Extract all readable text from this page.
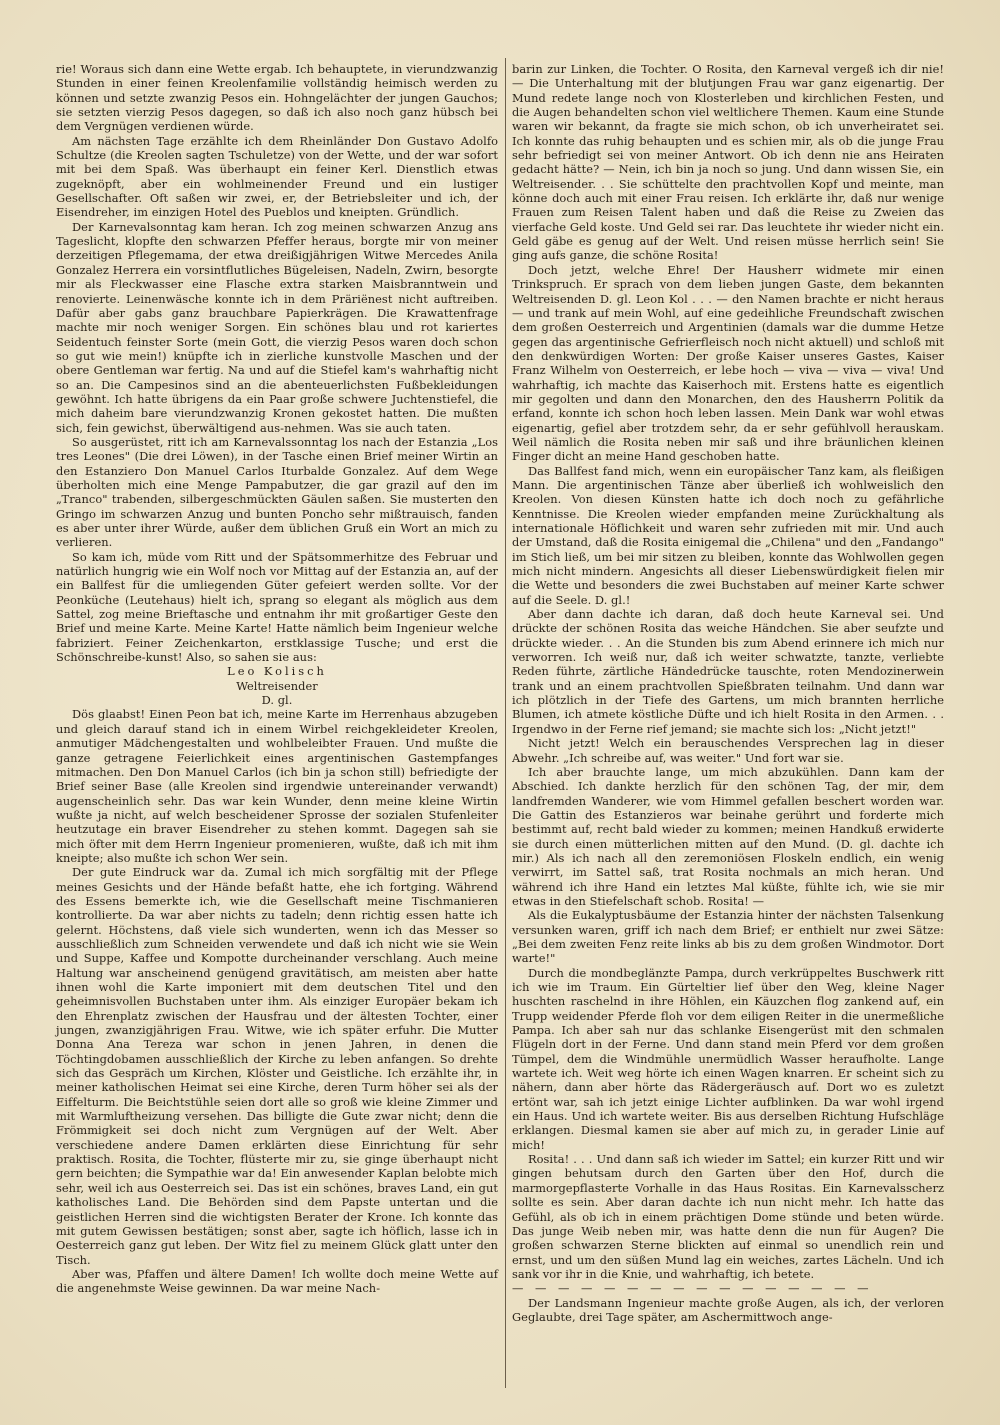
rie! Woraus sich dann eine Wette ergab. Ich behauptete, in vierundzwanzig Stunden in einer feinen Kreolenfamilie vollständig heimisch werden zu können und setzte zwanzig Pesos ein. Hohngelächter der jungen Gauchos; sie setzten vierzig Pesos dagegen, so daß ich also noch ganz hübsch bei dem Vergnügen verdienen würde.

Am nächsten Tage erzählte ich dem Rheinländer Don Gustavo Adolfo Schultze (die Kreolen sagten Tschuletze) von der Wette, und der war sofort mit bei dem Spaß. Was überhaupt ein feiner Kerl. Dienstlich etwas zugeknöpft, aber ein wohlmeinender Freund und ein lustiger Gesellschafter. Oft saßen wir zwei, er, der Betriebsleiter und ich, der Eisendreher, im einzigen Hotel des Pueblos und kneipten. Gründlich.

Der Karnevalsonntag kam heran. Ich zog meinen schwarzen Anzug ans Tageslicht, klopfte den schwarzen Pfeffer heraus, borgte mir von meiner derzeitigen Pflegemama, der etwa dreißigjährigen Witwe Mercedes Anila Gonzalez Herrera ein vorsintflutliches Bügeleisen, Nadeln, Zwirn, besorgte mir als Fleckwasser eine Flasche extra starken Maisbranntwein und renovierte. Leinenwäsche konnte ich in dem Präriënest nicht auftreiben. Dafür aber gabs ganz brauchbare Papierkrägen. Die Krawattenfrage machte mir noch weniger Sorgen. Ein schönes blau und rot kariertes Seidentuch feinster Sorte (mein Gott, die vierzig Pesos waren doch schon so gut wie mein!) knüpfte ich in zierliche kunstvolle Maschen und der obere Gentleman war fertig. Na und auf die Stiefel kam's wahrhaftig nicht so an. Die Campesinos sind an die abenteuerlichsten Fußbekleidungen gewöhnt. Ich hatte übrigens da ein Paar große schwere Juchtenstiefel, die mich daheim bare vierundzwanzig Kronen gekostet hatten. Die mußten sich, fein gewichst, überwältigend aus-nehmen. Was sie auch taten.

So ausgerüstet, ritt ich am Karnevalssonntag los nach der Estanzia „Los tres Leones" (Die drei Löwen), in der Tasche einen Brief meiner Wirtin an den Estanziero Don Manuel Carlos Iturbalde Gonzalez. Auf dem Wege überholten mich eine Menge Pampabutzer, die gar grazil auf den im „Tranco" trabenden, silbergeschmückten Gäulen saßen. Sie musterten den Gringo im schwarzen Anzug und bunten Poncho sehr mißtrauisch, fanden es aber unter ihrer Würde, außer dem üblichen Gruß ein Wort an mich zu verlieren.

So kam ich, müde vom Ritt und der Spätsommerhitze des Februar und natürlich hungrig wie ein Wolf noch vor Mittag auf der Estanzia an, auf der ein Ballfest für die umliegenden Güter gefeiert werden sollte. Vor der Peonküche (Leutehaus) hielt ich, sprang so elegant als möglich aus dem Sattel, zog meine Brieftasche und entnahm ihr mit großartiger Geste den Brief und meine Karte. Meine Karte! Hatte nämlich beim Ingenieur welche fabriziert. Feiner Zeichenkarton, erstklassige Tusche; und erst die Schönschreibe-kunst! Also, so sahen sie aus:

Leo Kolisch

Weltreisender

D. gl.

Dös glaabst! Einen Peon bat ich, meine Karte im Herrenhaus abzugeben und gleich darauf stand ich in einem Wirbel reichgekleideter Kreolen, anmutiger Mädchengestalten und wohlbeleibter Frauen. Und mußte die ganze getragene Feierlichkeit eines argentinischen Gastempfanges mitmachen. Den Don Manuel Carlos (ich bin ja schon still) befriedigte der Brief seiner Base (alle Kreolen sind irgendwie untereinander verwandt) augenscheinlich sehr. Das war kein Wunder, denn meine kleine Wirtin wußte ja nicht, auf welch bescheidener Sprosse der sozialen Stufenleiter heutzutage ein braver Eisendreher zu stehen kommt. Dagegen sah sie mich öfter mit dem Herrn Ingenieur promenieren, wußte, daß ich mit ihm kneipte; also mußte ich schon Wer sein.

Der gute Eindruck war da. Zumal ich mich sorgfältig mit der Pflege meines Gesichts und der Hände befaßt hatte, ehe ich fortging. Während des Essens bemerkte ich, wie die Gesellschaft meine Tischmanieren kontrollierte. Da war aber nichts zu tadeln; denn richtig essen hatte ich gelernt. Höchstens, daß viele sich wunderten, wenn ich das Messer so ausschließlich zum Schneiden verwendete und daß ich nicht wie sie Wein und Suppe, Kaffee und Kompotte durcheinander verschlang. Auch meine Haltung war anscheinend genügend gravitätisch, am meisten aber hatte ihnen wohl die Karte imponiert mit dem deutschen Titel und den geheimnisvollen Buchstaben unter ihm. Als einziger Europäer bekam ich den Ehrenplatz zwischen der Hausfrau und der ältesten Tochter, einer jungen, zwanzigjährigen Frau. Witwe, wie ich später erfuhr. Die Mutter Donna Ana Tereza war schon in jenen Jahren, in denen die Töchtingdobamen ausschließlich der Kirche zu leben anfangen. So drehte sich das Gespräch um Kirchen, Klöster und Geistliche. Ich erzählte ihr, in meiner katholischen Heimat sei eine Kirche, deren Turm höher sei als der Eiffelturm. Die Beichtstühle seien dort alle so groß wie kleine Zimmer und mit Warmluftheizung versehen. Das billigte die Gute zwar nicht; denn die Frömmigkeit sei doch nicht zum Vergnügen auf der Welt. Aber verschiedene andere Damen erklärten diese Einrichtung für sehr praktisch. Rosita, die Tochter, flüsterte mir zu, sie ginge überhaupt nicht gern beichten; die Sympathie war da! Ein anwesender Kaplan belobte mich sehr, weil ich aus Oesterreich sei. Das ist ein schönes, braves Land, ein gut katholisches Land. Die Behörden sind dem Papste untertan und die geistlichen Herren sind die wichtigsten Berater der Krone. Ich konnte das mit gutem Gewissen bestätigen; sonst aber, sagte ich höflich, lasse ich in Oesterreich ganz gut leben. Der Witz fiel zu meinem Glück glatt unter den Tisch.

Aber was, Pfaffen und ältere Damen! Ich wollte doch meine Wette auf die angenehmste Weise gewinnen. Da war meine Nach-

barin zur Linken, die Tochter. O Rosita, den Karneval vergeß ich dir nie! — Die Unterhaltung mit der blutjungen Frau war ganz eigenartig. Der Mund redete lange noch von Klosterleben und kirchlichen Festen, und die Augen behandelten schon viel weltlichere Themen. Kaum eine Stunde waren wir bekannt, da fragte sie mich schon, ob ich unverheiratet sei. Ich konnte das ruhig behaupten und es schien mir, als ob die junge Frau sehr befriedigt sei von meiner Antwort. Ob ich denn nie ans Heiraten gedacht hätte? — Nein, ich bin ja noch so jung. Und dann wissen Sie, ein Weltreisender. . . Sie schüttelte den prachtvollen Kopf und meinte, man könne doch auch mit einer Frau reisen. Ich erklärte ihr, daß nur wenige Frauen zum Reisen Talent haben und daß die Reise zu Zweien das vierfache Geld koste. Und Geld sei rar. Das leuchtete ihr wieder nicht ein. Geld gäbe es genug auf der Welt. Und reisen müsse herrlich sein! Sie ging aufs ganze, die schöne Rosita!

Doch jetzt, welche Ehre! Der Hausherr widmete mir einen Trinkspruch. Er sprach von dem lieben jungen Gaste, dem bekannten Weltreisenden D. gl. Leon Kol . . . — den Namen brachte er nicht heraus — und trank auf mein Wohl, auf eine gedeihliche Freundschaft zwischen dem großen Oesterreich und Argentinien (damals war die dumme Hetze gegen das argentinische Gefrierfleisch noch nicht aktuell) und schloß mit den denkwürdigen Worten: Der große Kaiser unseres Gastes, Kaiser Franz Wilhelm von Oesterreich, er lebe hoch — viva — viva — viva! Und wahrhaftig, ich machte das Kaiserhoch mit. Erstens hatte es eigentlich mir gegolten und dann den Monarchen, den des Hausherrn Politik da erfand, konnte ich schon hoch leben lassen. Mein Dank war wohl etwas eigenartig, gefiel aber trotzdem sehr, da er sehr gefühlvoll herauskam. Weil nämlich die Rosita neben mir saß und ihre bräunlichen kleinen Finger dicht an meine Hand geschoben hatte.

Das Ballfest fand mich, wenn ein europäischer Tanz kam, als fleißigen Mann. Die argentinischen Tänze aber überließ ich wohlweislich den Kreolen. Von diesen Künsten hatte ich doch noch zu gefährliche Kenntnisse. Die Kreolen wieder empfanden meine Zurückhaltung als internationale Höflichkeit und waren sehr zufrieden mit mir. Und auch der Umstand, daß die Rosita einigemal die „Chilena" und den „Fandango" im Stich ließ, um bei mir sitzen zu bleiben, konnte das Wohlwollen gegen mich nicht mindern. Angesichts all dieser Liebenswürdigkeit fielen mir die Wette und besonders die zwei Buchstaben auf meiner Karte schwer auf die Seele. D. gl.!

Aber dann dachte ich daran, daß doch heute Karneval sei. Und drückte der schönen Rosita das weiche Händchen. Sie aber seufzte und drückte wieder. . . An die Stunden bis zum Abend erinnere ich mich nur verworren. Ich weiß nur, daß ich weiter schwatzte, tanzte, verliebte Reden führte, zärtliche Händedrücke tauschte, roten Mendozinerwein trank und an einem prachtvollen Spießbraten teilnahm. Und dann war ich plötzlich in der Tiefe des Gartens, um mich brannten herrliche Blumen, ich atmete köstliche Düfte und ich hielt Rosita in den Armen. . . Irgendwo in der Ferne rief jemand; sie machte sich los: „Nicht jetzt!"

Nicht jetzt! Welch ein berauschendes Versprechen lag in dieser Abwehr. „Ich schreibe auf, was weiter." Und fort war sie.

Ich aber brauchte lange, um mich abzukühlen. Dann kam der Abschied. Ich dankte herzlich für den schönen Tag, der mir, dem landfremden Wanderer, wie vom Himmel gefallen beschert worden war. Die Gattin des Estanzieros war beinahe gerührt und forderte mich bestimmt auf, recht bald wieder zu kommen; meinen Handkuß erwiderte sie durch einen mütterlichen mitten auf den Mund. (D. gl. dachte ich mir.) Als ich nach all den zeremoniösen Floskeln endlich, ein wenig verwirrt, im Sattel saß, trat Rosita nochmals an mich heran. Und während ich ihre Hand ein letztes Mal küßte, fühlte ich, wie sie mir etwas in den Stiefelschaft schob. Rosita! —

Als die Eukalyptusbäume der Estanzia hinter der nächsten Talsenkung versunken waren, griff ich nach dem Brief; er enthielt nur zwei Sätze: „Bei dem zweiten Fenz reite links ab bis zu dem großen Windmotor. Dort warte!"

Durch die mondbeglänzte Pampa, durch verkrüppeltes Buschwerk ritt ich wie im Traum. Ein Gürteltier lief über den Weg, kleine Nager huschten raschelnd in ihre Höhlen, ein Käuzchen flog zankend auf, ein Trupp weidender Pferde floh vor dem eiligen Reiter in die unermeßliche Pampa. Ich aber sah nur das schlanke Eisengerüst mit den schmalen Flügeln dort in der Ferne. Und dann stand mein Pferd vor dem großen Tümpel, dem die Windmühle unermüdlich Wasser heraufholte. Lange wartete ich. Weit weg hörte ich einen Wagen knarren. Er scheint sich zu nähern, dann aber hörte das Rädergeräusch auf. Dort wo es zuletzt ertönt war, sah ich jetzt einige Lichter aufblinken. Da war wohl irgend ein Haus. Und ich wartete weiter. Bis aus derselben Richtung Hufschläge erklangen. Diesmal kamen sie aber auf mich zu, in gerader Linie auf mich!

Rosita! . . . Und dann saß ich wieder im Sattel; ein kurzer Ritt und wir gingen behutsam durch den Garten über den Hof, durch die marmorgepflasterte Vorhalle in das Haus Rositas. Ein Karnevalsscherz sollte es sein. Aber daran dachte ich nun nicht mehr. Ich hatte das Gefühl, als ob ich in einem prächtigen Dome stünde und beten würde. Das junge Weib neben mir, was hatte denn die nun für Augen? Die großen schwarzen Sterne blickten auf einmal so unendlich rein und ernst, und um den süßen Mund lag ein weiches, zartes Lächeln. Und ich sank vor ihr in die Knie, und wahrhaftig, ich betete.

— — — — — — — — — — — — — — — —

Der Landsmann Ingenieur machte große Augen, als ich, der verloren Geglaubte, drei Tage später, am Aschermittwoch ange-
